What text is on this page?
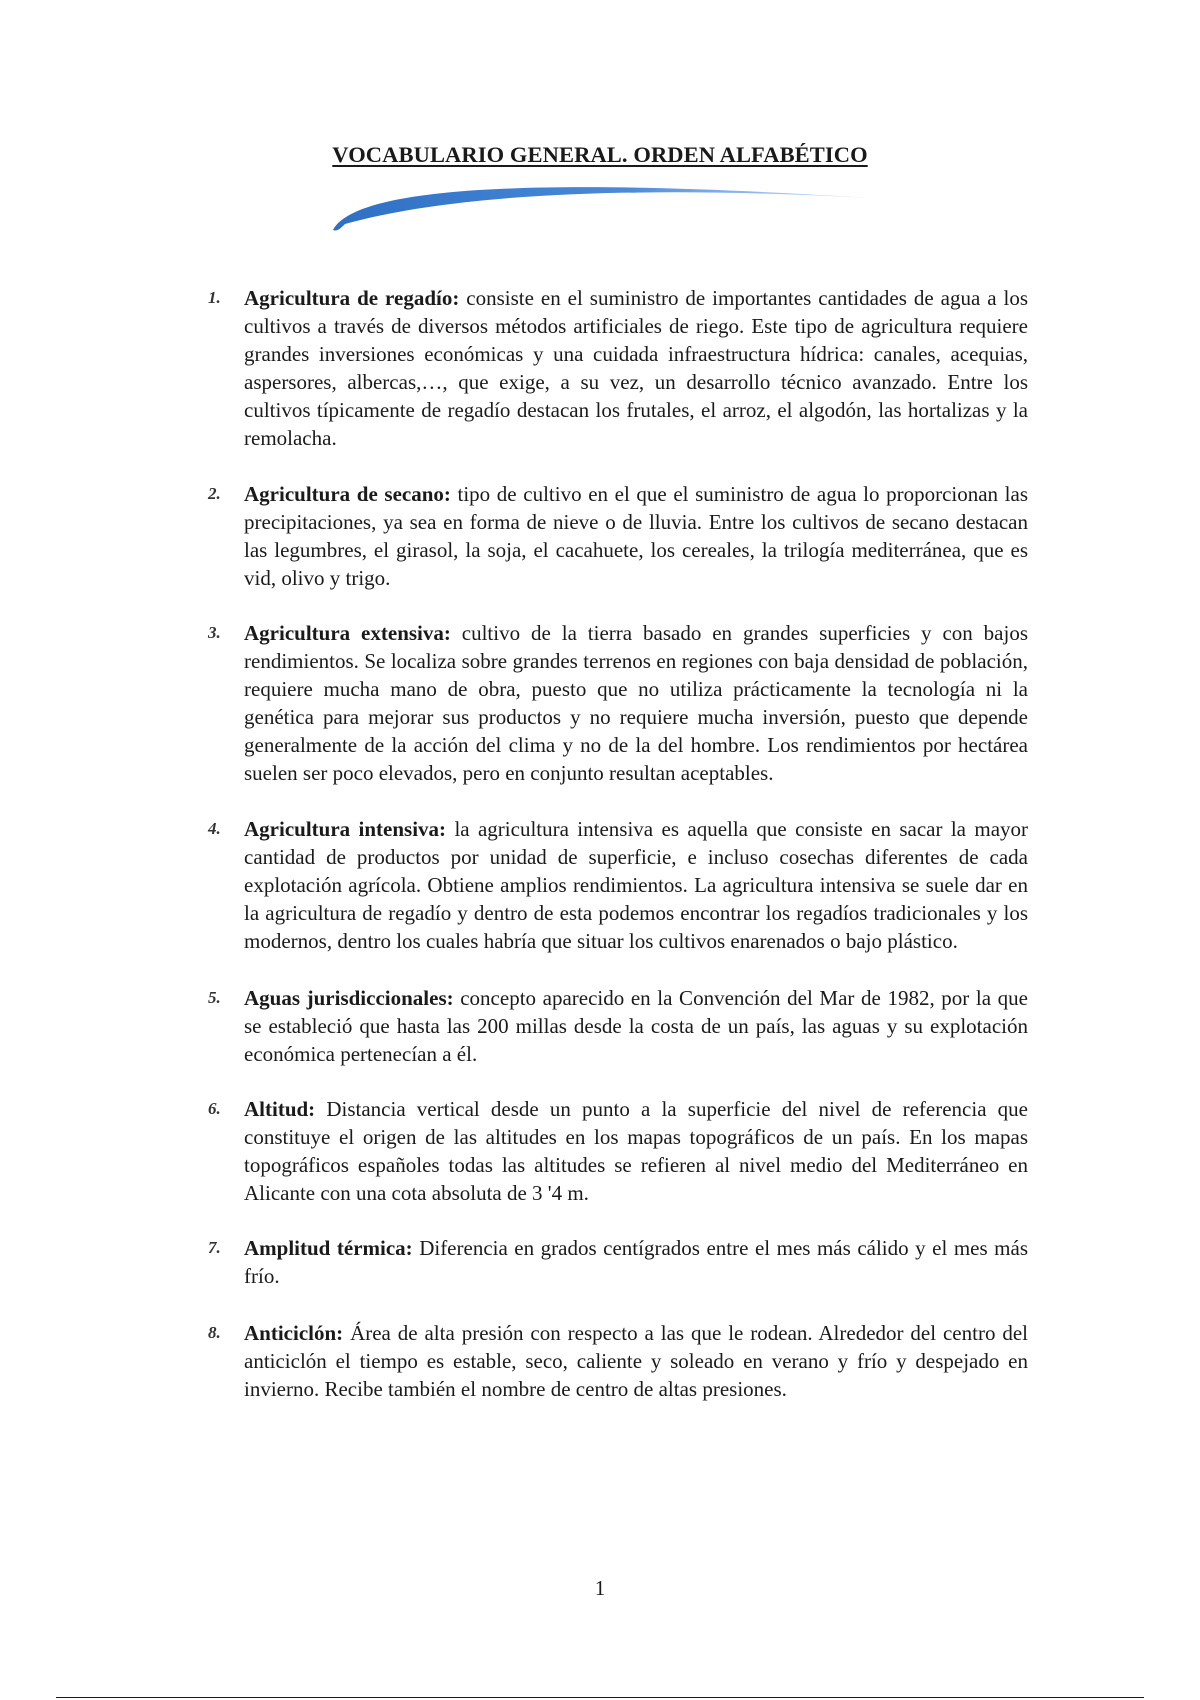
VOCABULARIO GENERAL. ORDEN ALFABÉTICO
1.	Agricultura de regadío: consiste en el suministro de importantes cantidades de agua a los cultivos a través de diversos métodos artificiales de riego. Este tipo de agricultura requiere grandes inversiones económicas y una cuidada infraestructura hídrica: canales, acequias, aspersores, albercas,…, que exige, a su vez, un desarrollo técnico avanzado. Entre los cultivos típicamente de regadío destacan los frutales, el arroz, el algodón, las hortalizas y la remolacha.
2.	Agricultura de secano: tipo de cultivo en el que el suministro de agua lo proporcionan las precipitaciones, ya sea en forma de nieve o de lluvia. Entre los cultivos de secano destacan las legumbres, el girasol, la soja, el cacahuete, los cereales, la trilogía mediterránea, que es vid, olivo y trigo.
3.	Agricultura extensiva: cultivo de la tierra basado en grandes superficies y con bajos rendimientos. Se localiza sobre grandes terrenos en regiones con baja densidad de población, requiere mucha mano de obra, puesto que no utiliza prácticamente la tecnología ni la genética para mejorar sus productos y no requiere mucha inversión, puesto que depende generalmente de la acción del clima y no de la del hombre. Los rendimientos por hectárea suelen ser poco elevados, pero en conjunto resultan aceptables.
4.	Agricultura intensiva: la agricultura intensiva es aquella que consiste en sacar la mayor cantidad de productos por unidad de superficie, e incluso cosechas diferentes de cada explotación agrícola. Obtiene amplios rendimientos. La agricultura intensiva se suele dar en la agricultura de regadío y dentro de esta podemos encontrar los regadíos tradicionales y los modernos, dentro los cuales habría que situar los cultivos enarenados o bajo plástico.
5.	Aguas jurisdiccionales: concepto aparecido en la Convención del Mar de 1982, por la que se estableció que hasta las 200 millas desde la costa de un país, las aguas y su explotación económica pertenecían a él.
6.	Altitud: Distancia vertical desde un punto a la superficie del nivel de referencia que constituye el origen de las altitudes en los mapas topográficos de un país. En los mapas topográficos españoles todas las altitudes se refieren al nivel medio del Mediterráneo en Alicante con una cota absoluta de 3 '4 m.
7.	Amplitud térmica: Diferencia en grados centígrados entre el mes más cálido y el mes más frío.
8.	Anticiclón: Área de alta presión con respecto a las que le rodean. Alrededor del centro del anticiclón el tiempo es estable, seco, caliente y soleado en verano y frío y despejado en invierno. Recibe también el nombre de centro de altas presiones.

1
